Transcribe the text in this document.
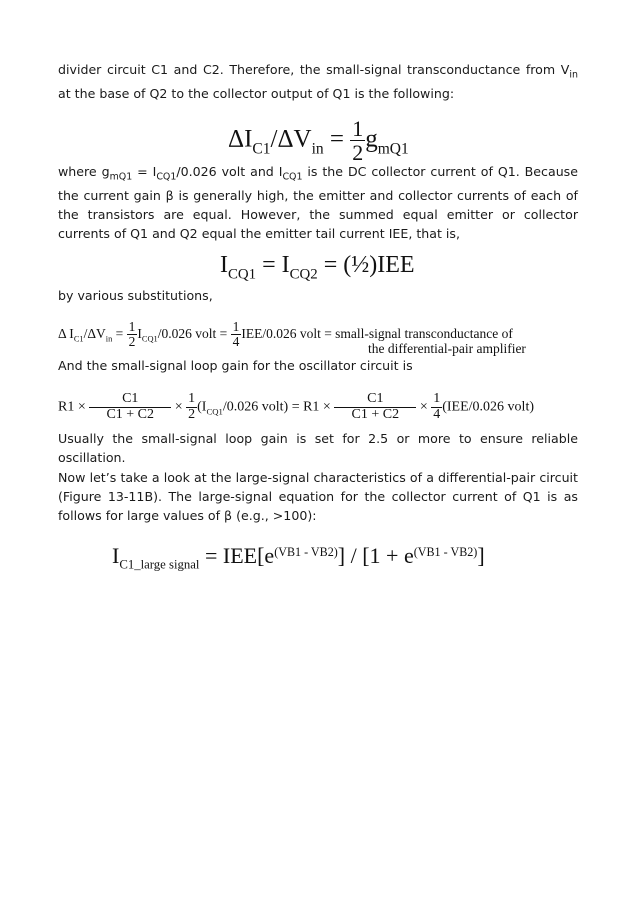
divider circuit C1 and C2. Therefore, the small-signal transconductance from $V_{in}$ at the base of Q2 to the collector output of Q1 is the following:
$\Delta I_{C1}/\Delta V_{in} = \frac{1}{2} g_{mQ1}$
where $g_{mQ1} = I_{CQ1}/0.026$ volt and $I_{CQ1}$ is the DC collector current of Q1. Because the current gain β is generally high, the emitter and collector currents of each of the transistors are equal. However, the summed equal emitter or collector currents of Q1 and Q2 equal the emitter tail current IEE, that is,
$I_{CQ1} = I_{CQ2}$ = (½)IEE
by various substitutions,
Δ $I_{C1}/\Delta V_{in} = \frac{1}{2} I_{CQ1}/0.026$ volt = $\frac{1}{4} IEE/0.026$ volt = small-signal transconductance of
the differential-pair amplifier
And the small-signal loop gain for the oscillator circuit is
$R1 \times \frac{C1}{C1 + C2} \times \frac{1}{2} (I_{CQ1}/0.026$ volt) = $R1 \times \frac{C1}{C1 + C2} \times \frac{1}{4} (IEE/0.026$ volt)
Usually the small-signal loop gain is set for 2.5 or more to ensure reliable oscillation.
Now let’s take a look at the large-signal characteristics of a differential-pair circuit (Figure 13-11B). The large-signal equation for the collector current of Q1 is as follows for large values of β (e.g., >100):
$I_{C1\_large signal} = IEE[e^{(VB1 - VB2)}] / [1 + e^{(VB1 - VB2)}]$
